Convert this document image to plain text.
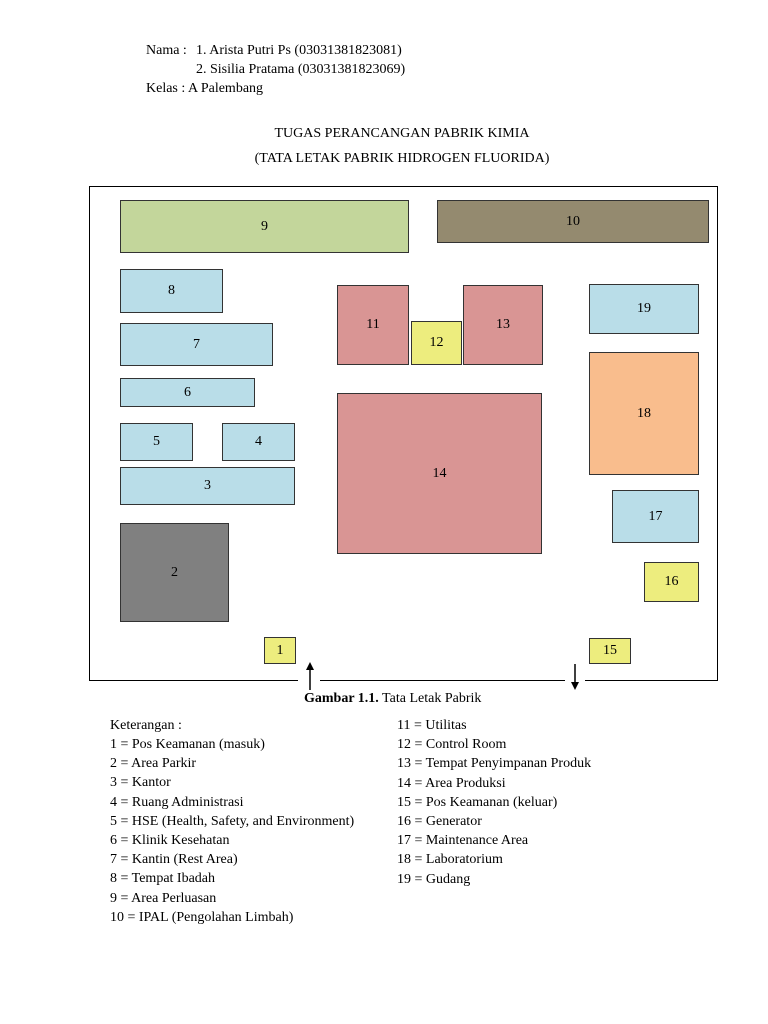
Nama : 1. Arista Putri Ps (03031381823081)
2. Sisilia Pratama (03031381823069)
Kelas : A Palembang
TUGAS PERANCANGAN PABRIK KIMIA
(TATA LETAK PABRIK HIDROGEN FLUORIDA)
9	10
8
7
6
5	4
3
2
11
12
13
14
19
18
17
16
1	15
Gambar 1.1. Tata Letak Pabrik
Keterangan :
1 = Pos Keamanan (masuk)
2 = Area Parkir
3 = Kantor
4 = Ruang Administrasi
5 = HSE (Health, Safety, and Environment)
6 = Klinik Kesehatan
7 = Kantin (Rest Area)
8 = Tempat Ibadah
9 = Area Perluasan
10 = IPAL (Pengolahan Limbah)
11 = Utilitas
12 = Control Room
13 = Tempat Penyimpanan Produk
14 = Area Produksi
15 = Pos Keamanan (keluar)
16 = Generator
17 = Maintenance Area
18 = Laboratorium
19 = Gudang
